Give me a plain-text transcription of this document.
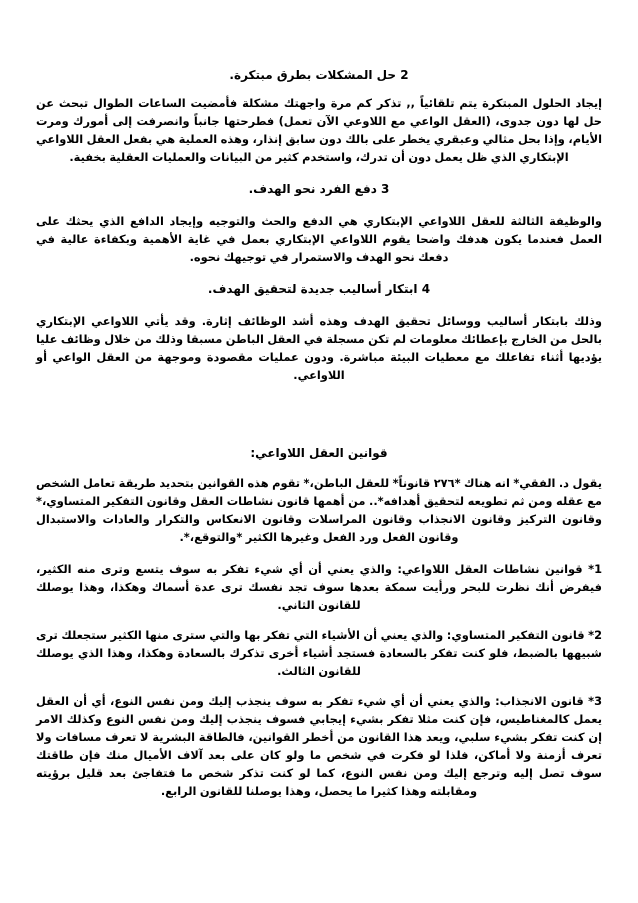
2 حل المشكلات بطرق مبتكرة.

إيجاد الحلول المبتكرة يتم تلقائياً ,, تذكر كم مرة واجهتك مشكلة فأمضيت الساعات الطوال تبحث عن حل لها دون جدوى، (العقل الواعي مع اللاوعي الآن تعمل) فطرحتها جانباً وانصرفت إلى أمورك ومرت الأيام، وإذا بحل مثالي وعبقري يخطر على بالك دون سابق إنذار، وهذه العملية هي بفعل العقل اللاواعي الإبتكاري الذي ظل يعمل دون أن تدرك، واستخدم كثير من البيانات والعمليات العقلية بخفية.

3 دفع الفرد نحو الهدف.

والوظيفة الثالثة للعقل اللاواعي الإبتكاري هي الدفع والحث والتوجيه وإيجاد الدافع الذي يحثك على العمل فعندما يكون هدفك واضحا يقوم اللاواعي الإبتكاري بعمل في غاية الأهمية وبكفاءة عالية في دفعك نحو الهدف والاستمرار في توجيهك نحوه.

4 ابتكار أساليب جديدة لتحقيق الهدف.

وذلك بابتكار أساليب ووسائل تحقيق الهدف وهذه أشد الوظائف إثارة. وقد يأتي اللاواعي الإبتكاري بالحل من الخارج بإعطائك معلومات لم تكن مسجلة في العقل الباطن مسبقا وذلك من خلال وظائف عليا يؤديها أثناء تفاعلك مع معطيات البيئة مباشرة. ودون عمليات مقصودة وموجهة من العقل الواعي أو اللاواعي.

قوانين العقل اللاواعي:

يقول د. الفقي* انه هناك *٢٧٦ قانوناً* للعقل الباطن،* تقوم هذه القوانين بتحديد طريقة تعامل الشخص مع عقله ومن ثم تطويعه لتحقيق أهدافه*.. من أهمها قانون نشاطات العقل وقانون التفكير المتساوي،* وقانون التركيز وقانون الانجذاب وقانون المراسلات وقانون الانعكاس والتكرار والعادات والاستبدال وقانون الفعل ورد الفعل وغيرها الكثير *والتوقع،*.

1* قوانين نشاطات العقل اللاواعي: والذي يعني أن أي شيء تفكر به سوف يتسع وترى منه الكثير، فيفرض أنك نظرت للبحر ورأيت سمكة بعدها سوف تجد نفسك ترى عدة أسماك وهكذا، وهذا يوصلك للقانون الثاني.

2* قانون التفكير المتساوي: والذي يعني أن الأشياء التي تفكر بها والتي سترى منها الكثير ستجعلك ترى شبيهها بالضبط، فلو كنت تفكر بالسعادة فستجد أشياء أخرى تذكرك بالسعادة وهكذا، وهذا الذي يوصلك للقانون الثالث.

3* قانون الانجذاب: والذي يعني أن أي شيء تفكر به سوف ينجذب إليك ومن نفس النوع، أي أن العقل يعمل كالمغناطيس، فإن كنت مثلا تفكر بشيء إيجابي فسوف ينجذب إليك ومن نفس النوع وكذلك الامر إن كنت تفكر بشيء سلبي، ويعد هذا القانون من أخطر القوانين، فالطاقة البشرية لا تعرف مسافات ولا تعرف أزمنة ولا أماكن، فلذا لو فكرت في شخص ما ولو كان على بعد آلاف الأميال منك فإن طاقتك سوف تصل إليه وترجع إليك ومن نفس النوع، كما لو كنت تذكر شخص ما فتفاجئ بعد قليل برؤيته ومقابلته وهذا كثيرا ما يحصل، وهذا يوصلنا للقانون الرابع.
